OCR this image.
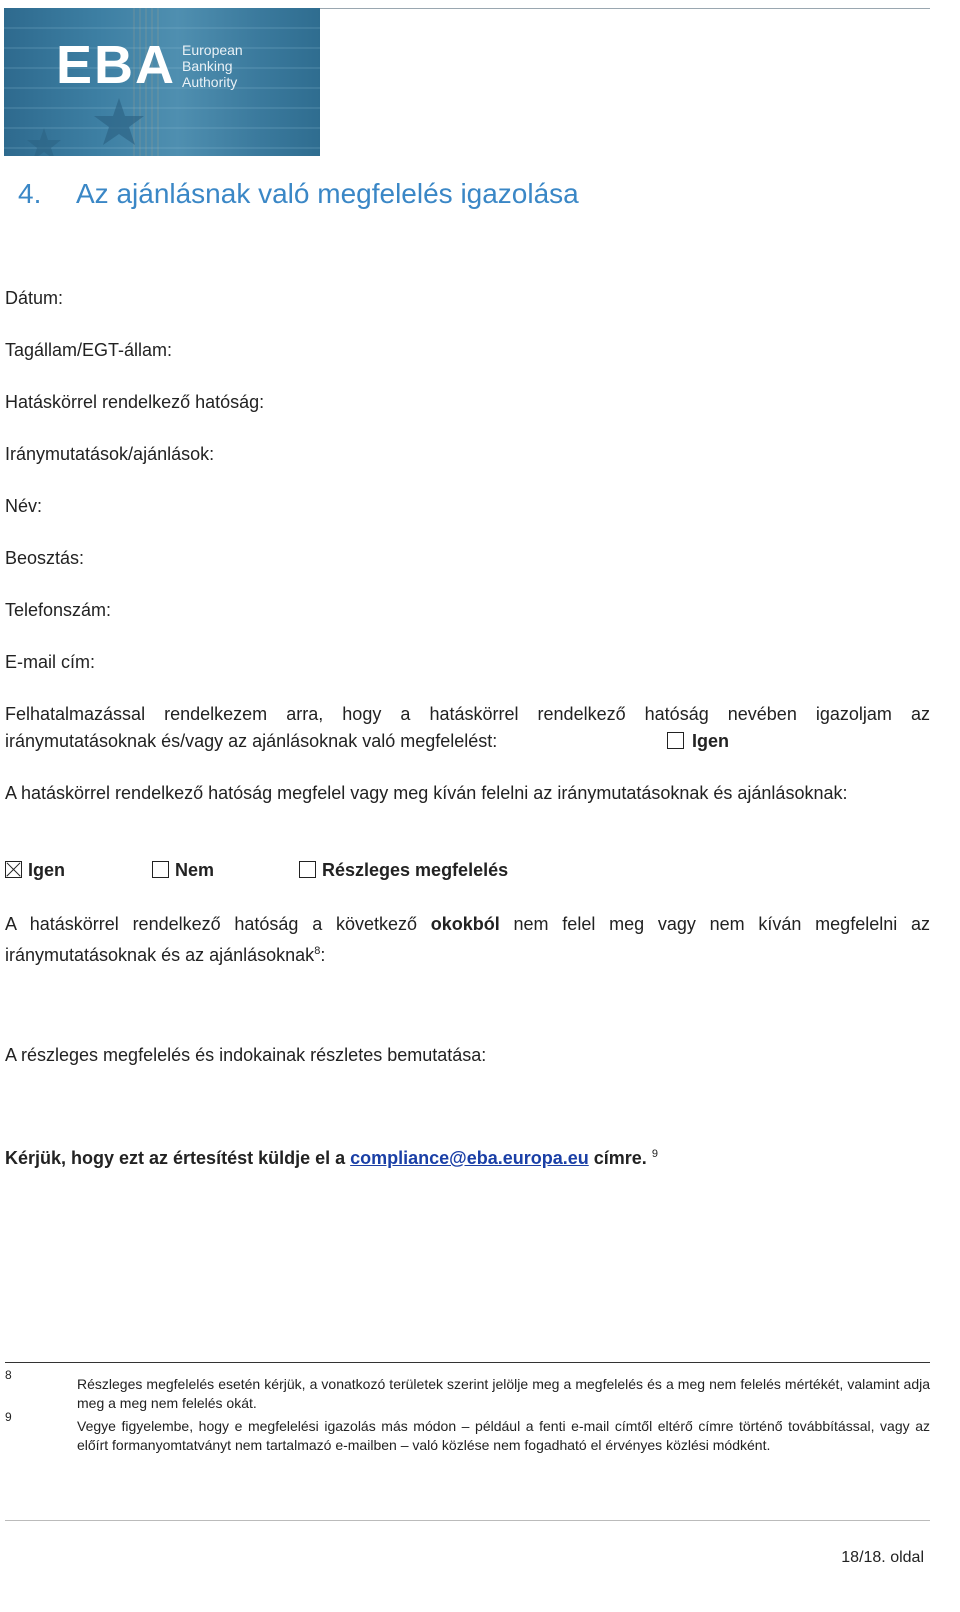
EBA European
Banking
Authority
4. Az ajánlásnak való megfelelés igazolása
Dátum:
Tagállam/EGT-állam:
Hatáskörrel rendelkező hatóság:
Iránymutatások/ajánlások:
Név:
Beosztás:
Telefonszám:
E-mail cím:
Felhatalmazással rendelkezem arra, hogy a hatáskörrel rendelkező hatóság nevében igazoljam az iránymutatásoknak és/vagy az ajánlásoknak való megfelelést:	Igen
A hatáskörrel rendelkező hatóság megfelel vagy meg kíván felelni az iránymutatásoknak és ajánlásoknak:
Igen	Nem	Részleges megfelelés
A hatáskörrel rendelkező hatóság a következő okokból nem felel meg vagy nem kíván megfelelni az iránymutatásoknak és az ajánlásoknak$^8$:
A részleges megfelelés és indokainak részletes bemutatása:
Kérjük, hogy ezt az értesítést küldje el a compliance@eba.europa.eu címre. $^9$
8
Részleges megfelelés esetén kérjük, a vonatkozó területek szerint jelölje meg a megfelelés és a meg nem felelés mértékét, valamint adja meg a meg nem felelés okát.
9
Vegye figyelembe, hogy e megfelelési igazolás más módon – például a fenti e-mail címtől eltérő címre történő továbbítással, vagy az előírt formanyomtatványt nem tartalmazó e-mailben – való közlése nem fogadható el érvényes közlési módként.
18/18. oldal
